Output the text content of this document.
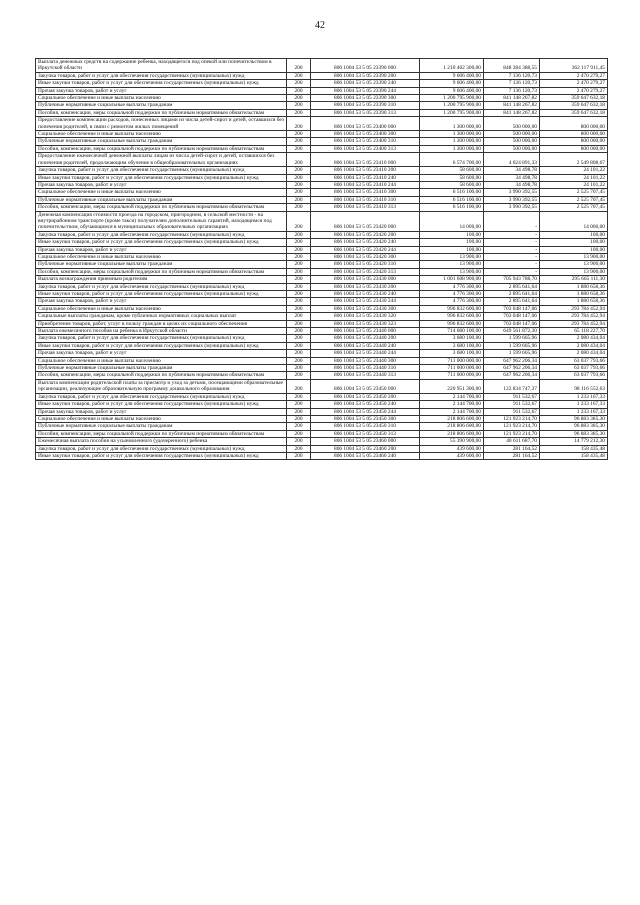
42
Выплата денежных средств на содержание ребенка, находящегося под опекой или попечительством в Иркутской области	200	806 1004 53 5 05 23390 000	1 210 402 300,00	848 284 388,55	362 117 911,45
Закупка товаров, работ и услуг для обеспечения государственных (муниципальных) нужд	200	806 1004 53 5 05 23390 200	9 606 400,00	7 136 120,73	2 470 279,27
Иные закупки товаров, работ и услуг для обеспечения государственных (муниципальных) нужд	200	806 1004 53 5 05 23390 240	9 606 400,00	7 136 120,73	2 470 279,27
Прочая закупка товаров, работ и услуг	200	806 1004 53 5 05 23390 244	9 606 400,00	7 136 120,73	2 470 279,27
Социальное обеспечение и иные выплаты населению	200	806 1004 53 5 05 23390 300	1 200 795 900,00	841 148 267,82	359 647 632,18
Публичные нормативные социальные выплаты гражданам	200	806 1004 53 5 05 23390 310	1 200 795 900,00	841 148 267,82	359 647 632,18
Пособия, компенсации, меры социальной поддержки по публичным нормативным обязательствам	200	806 1004 53 5 05 23390 313	1 200 795 900,00	841 148 267,82	359 647 632,18
Предоставление компенсации расходов, понесенных лицами из числа детей-сирот и детей, оставшихся без попечения родителей, в связи с ремонтом жилых помещений	200	806 1004 53 5 05 23400 000	1 300 000,00	500 000,00	800 000,00
Социальное обеспечение и иные выплаты населению	200	806 1004 53 5 05 23400 300	1 300 000,00	500 000,00	800 000,00
Публичные нормативные социальные выплаты гражданам	200	806 1004 53 5 05 23400 310	1 300 000,00	500 000,00	800 000,00
Пособия, компенсации, меры социальной поддержки по публичным нормативным обязательствам	200	806 1004 53 5 05 23400 313	1 300 000,00	500 000,00	800 000,00
Предоставление ежемесячной денежной выплаты лицам из числа детей-сирот и детей, оставшихся без попечения родителей, продолжающим обучение в общеобразовательных организациях	200	806 1004 53 5 05 23410 000	6 574 700,00	4 024 891,33	2 549 808,67
Закупка товаров, работ и услуг для обеспечения государственных (муниципальных) нужд	200	806 1004 53 5 05 23410 200	58 600,00	34 498,78	24 101,22
Иные закупки товаров, работ и услуг для обеспечения государственных (муниципальных) нужд	200	806 1004 53 5 05 23410 240	58 600,00	34 498,78	24 101,22
Прочая закупка товаров, работ и услуг	200	806 1004 53 5 05 23410 244	58 600,00	34 498,78	24 101,22
Социальное обеспечение и иные выплаты населению	200	806 1004 53 5 05 23410 300	6 516 100,00	3 990 392,55	2 525 707,45
Публичные нормативные социальные выплаты гражданам	200	806 1004 53 5 05 23410 310	6 516 100,00	3 990 392,55	2 525 707,45
Пособия, компенсации, меры социальной поддержки по публичным нормативным обязательствам	200	806 1004 53 5 05 23410 313	6 516 100,00	3 990 392,55	2 525 707,45
Денежная компенсация стоимости проезда на городском, пригородном, в сельской местности - на внутрирайонном транспорте (кроме такси) получателям дополнительных гарантий, находящимся под попечительством, обучающимся в муниципальных образовательных организациях	200	806 1004 53 5 05 23420 000	14 000,00	-	14 000,00
Закупка товаров, работ и услуг для обеспечения государственных (муниципальных) нужд	200	806 1004 53 5 05 23420 200	100,00	-	100,00
Иные закупки товаров, работ и услуг для обеспечения государственных (муниципальных) нужд	200	806 1004 53 5 05 23420 240	100,00	-	100,00
Прочая закупка товаров, работ и услуг	200	806 1004 53 5 05 23420 244	100,00	-	100,00
Социальное обеспечение и иные выплаты населению	200	806 1004 53 5 05 23420 300	13 900,00	-	13 900,00
Публичные нормативные социальные выплаты гражданам	200	806 1004 53 5 05 23420 310	13 900,00	-	13 900,00
Пособия, компенсации, меры социальной поддержки по публичным нормативным обязательствам	200	806 1004 53 5 05 23420 313	13 900,00	-	13 900,00
Выплата вознаграждения приемным родителям	200	806 1004 53 5 05 23430 000	1 001 608 900,00	705 943 788,70	295 665 111,30
Закупка товаров, работ и услуг для обеспечения государственных (муниципальных) нужд	200	806 1004 53 5 05 23430 200	4 776 300,00	2 895 641,64	1 880 658,36
Иные закупки товаров, работ и услуг для обеспечения государственных (муниципальных) нужд	200	806 1004 53 5 05 23430 240	4 776 300,00	2 895 641,64	1 880 658,36
Прочая закупка товаров, работ и услуг	200	806 1004 53 5 05 23430 244	4 776 300,00	2 895 641,64	1 880 658,36
Социальное обеспечение и иные выплаты населению	200	806 1004 53 5 05 23430 300	996 832 600,00	703 048 147,06	293 784 452,94
Социальные выплаты гражданам, кроме публичных нормативных социальных выплат	200	806 1004 53 5 05 23430 320	996 832 600,00	703 048 147,06	293 784 452,94
Приобретение товаров, работ, услуг в пользу граждан в целях их социального обеспечения	200	806 1004 53 5 05 23430 323	996 832 600,00	703 048 147,06	293 784 452,94
Выплата ежемесячного пособия на ребенка в Иркутской области	200	806 1004 53 5 05 23440 000	714 680 100,00	649 561 872,30	65 118 227,70
Закупка товаров, работ и услуг для обеспечения государственных (муниципальных) нужд	200	806 1004 53 5 05 23440 200	3 680 100,00	1 599 665,96	2 080 434,04
Иные закупки товаров, работ и услуг для обеспечения государственных (муниципальных) нужд	200	806 1004 53 5 05 23440 240	3 680 100,00	1 599 665,96	2 080 434,04
Прочая закупка товаров, работ и услуг	200	806 1004 53 5 05 23440 244	3 680 100,00	1 599 665,96	2 080 434,04
Социальное обеспечение и иные выплаты населению	200	806 1004 53 5 05 23440 300	711 000 000,00	647 962 206,34	63 037 793,66
Публичные нормативные социальные выплаты гражданам	200	806 1004 53 5 05 23440 310	711 000 000,00	647 962 206,34	63 037 793,66
Пособия, компенсации, меры социальной поддержки по публичным нормативным обязательствам	200	806 1004 53 5 05 23440 313	711 000 000,00	647 962 206,34	63 037 793,66
Выплата компенсации родительской платы за присмотр и уход за детьми, посещающими образовательные организации, реализующие образовательную программу дошкольного образования	200	806 1004 53 5 05 23450 000	220 951 300,00	122 834 747,37	98 116 552,63
Закупка товаров, работ и услуг для обеспечения государственных (муниципальных) нужд	200	806 1004 53 5 05 23450 200	2 144 700,00	911 532,67	1 233 167,33
Иные закупки товаров, работ и услуг для обеспечения государственных (муниципальных) нужд	200	806 1004 53 5 05 23450 240	2 144 700,00	911 532,67	1 233 167,33
Прочая закупка товаров, работ и услуг	200	806 1004 53 5 05 23450 244	2 144 700,00	911 532,67	1 233 167,33
Социальное обеспечение и иные выплаты населению	200	806 1004 53 5 05 23450 300	218 806 600,00	121 923 214,70	96 883 385,30
Публичные нормативные социальные выплаты гражданам	200	806 1004 53 5 05 23450 310	218 806 600,00	121 923 214,70	96 883 385,30
Пособия, компенсации, меры социальной поддержки по публичным нормативным обязательствам	200	806 1004 53 5 05 23450 313	218 806 600,00	121 923 214,70	96 883 385,30
Ежемесячная выплата пособия на усыновленного (удочеренного) ребенка	200	806 1004 53 5 05 23460 000	55 390 900,00	40 611 687,70	14 779 212,30
Закупка товаров, работ и услуг для обеспечения государственных (муниципальных) нужд	200	806 1004 53 5 05 23460 200	439 600,00	281 164,52	158 435,48
Иные закупки товаров, работ и услуг для обеспечения государственных (муниципальных) нужд	200	806 1004 53 5 05 23460 240	439 600,00	281 164,52	158 435,48
